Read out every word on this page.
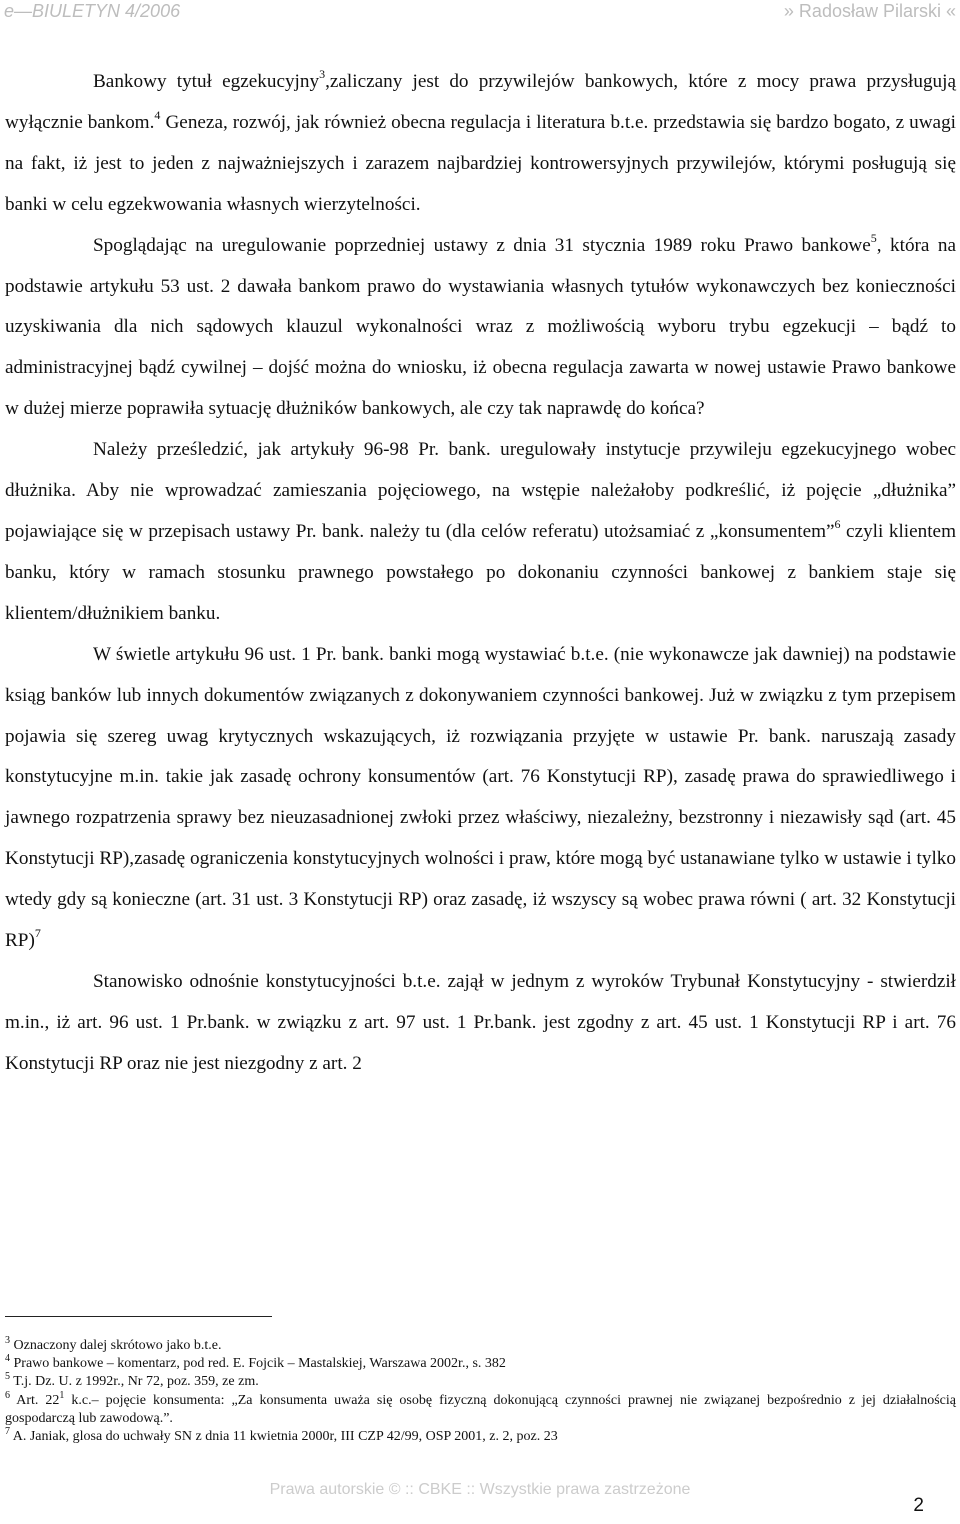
e—BIULETYN 4/2006	» Radosław Pilarski «

Bankowy tytuł egzekucyjny$^3$,zaliczany jest do przywilejów bankowych, które z mocy prawa przysługują wyłącznie bankom.$^4$ Geneza, rozwój, jak również obecna regulacja i literatura b.t.e. przedstawia się bardzo bogato, z uwagi na fakt, iż jest to jeden z najważniejszych i zarazem najbardziej kontrowersyjnych przywilejów, którymi posługują się banki w celu egzekwowania własnych wierzytelności.

Spoglądając na uregulowanie poprzedniej ustawy z dnia 31 stycznia 1989 roku Prawo bankowe$^5$, która na podstawie artykułu 53 ust. 2 dawała bankom prawo do wystawiania własnych tytułów wykonawczych bez konieczności uzyskiwania dla nich sądowych klauzul wykonalności wraz z możliwością wyboru trybu egzekucji – bądź to administracyjnej bądź cywilnej – dojść można do wniosku, iż obecna regulacja zawarta w nowej ustawie Prawo bankowe w dużej mierze poprawiła sytuację dłużników bankowych, ale czy tak naprawdę do końca?

Należy prześledzić, jak artykuły 96-98 Pr. bank. uregulowały instytucje przywileju egzekucyjnego wobec dłużnika. Aby nie wprowadzać zamieszania pojęciowego, na wstępie należałoby podkreślić, iż pojęcie „dłużnika” pojawiające się w przepisach ustawy Pr. bank. należy tu (dla celów referatu) utożsamiać z „konsumentem”$^6$ czyli klientem banku, który w ramach stosunku prawnego powstałego po dokonaniu czynności bankowej z bankiem staje się klientem/dłużnikiem banku.

W świetle artykułu 96 ust. 1 Pr. bank. banki mogą wystawiać b.t.e. (nie wykonawcze jak dawniej) na podstawie ksiąg banków lub innych dokumentów związanych z dokonywaniem czynności bankowej. Już w związku z tym przepisem pojawia się szereg uwag krytycznych wskazujących, iż rozwiązania przyjęte w ustawie Pr. bank. naruszają zasady konstytucyjne m.in. takie jak zasadę ochrony konsumentów (art. 76 Konstytucji RP), zasadę prawa do sprawiedliwego i jawnego rozpatrzenia sprawy bez nieuzasadnionej zwłoki przez właściwy, niezależny, bezstronny i niezawisły sąd (art. 45 Konstytucji RP),zasadę ograniczenia konstytucyjnych wolności i praw, które mogą być ustanawiane tylko w ustawie i tylko wtedy gdy są konieczne (art. 31 ust. 3 Konstytucji RP) oraz zasadę, iż wszyscy są wobec prawa równi ( art. 32 Konstytucji RP)$^7$

Stanowisko odnośnie konstytucyjności b.t.e. zajął w jednym z wyroków Trybunał Konstytucyjny - stwierdził m.in., iż art. 96 ust. 1 Pr.bank. w związku z art. 97 ust. 1 Pr.bank. jest zgodny z art. 45 ust. 1 Konstytucji RP i art. 76 Konstytucji RP oraz nie jest niezgodny z art. 2

$^3$ Oznaczony dalej skrótowo jako b.t.e.

$^4$ Prawo bankowe – komentarz, pod red. E. Fojcik – Mastalskiej, Warszawa 2002r., s. 382

$^5$ T.j. Dz. U. z 1992r., Nr 72, poz. 359, ze zm.

$^6$ Art. $22^1$ k.c.– pojęcie konsumenta: „Za konsumenta uważa się osobę fizyczną dokonującą czynności prawnej nie związanej bezpośrednio z jej działalnością gospodarczą lub zawodową.”.

$^7$ A. Janiak, glosa do uchwały SN z dnia 11 kwietnia 2000r, III CZP 42/99, OSP 2001, z. 2, poz. 23

Prawa autorskie © :: CBKE :: Wszystkie prawa zastrzeżone
2
